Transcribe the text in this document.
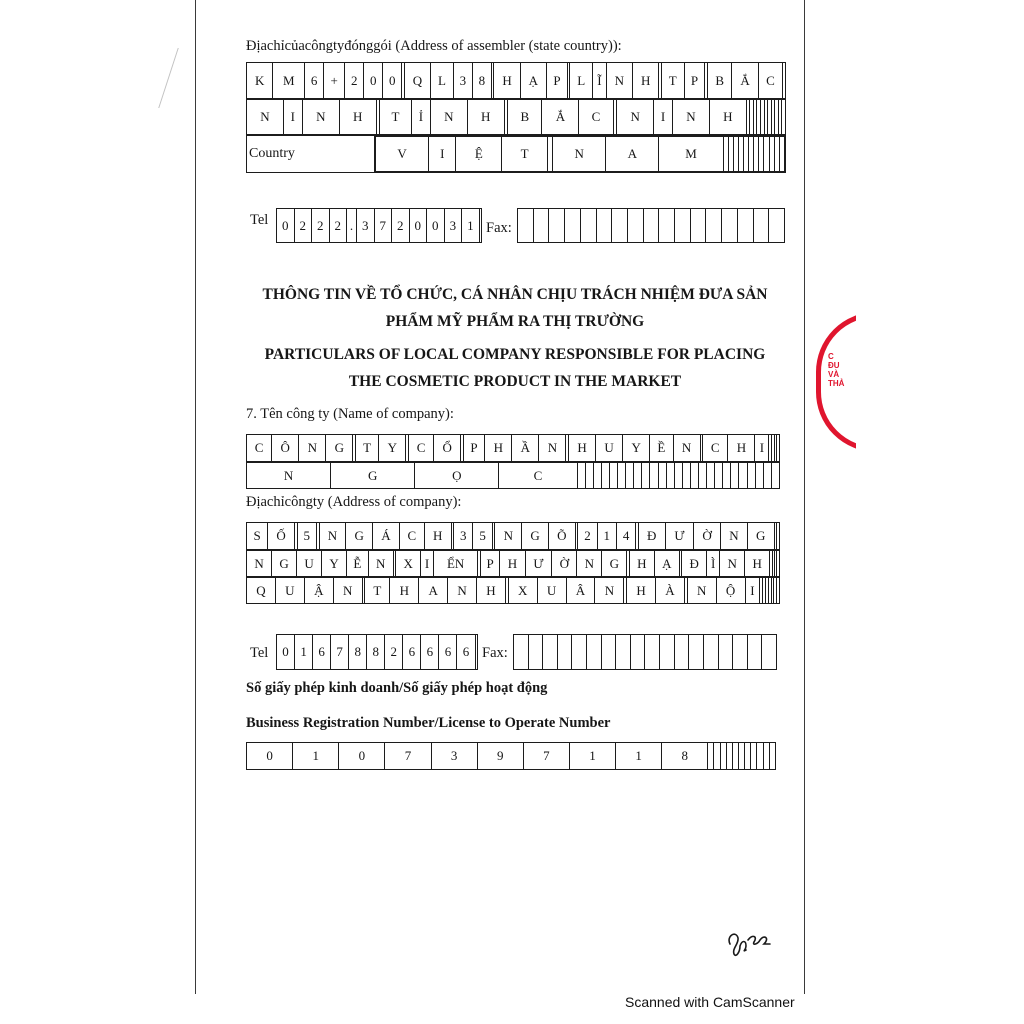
Địachỉcủacôngtyđónggói (Address of assembler (state country)):
K	M	6	+	2	0	0		Q	L	3	8		H	Ạ	P		L	Ĩ	N	H		T	P		B	Ắ	C	
N	I	N	H		T	Ỉ	N	H		B	Ắ	C		N	I	N	H											
Country		V	I	Ệ	T		N	A	M												
Tel 0	2	2	2	.	3	7	2	0	0	3	1	Fax:

THÔNG TIN VỀ TỔ CHỨC, CÁ NHÂN CHỊU TRÁCH NHIỆM ĐƯA SẢN
PHẨM MỸ PHẨM RA THỊ TRƯỜNG
PARTICULARS OF LOCAL COMPANY RESPONSIBLE FOR PLACING
THE COSMETIC PRODUCT IN THE MARKET
7. Tên công ty (Name of company):
C	Ô	N	G		T	Y		C	Ổ		P	H	Ầ	N		H	U	Y	Ề	N		C	H	I				
N	G	Ọ	C																									
Địachỉcôngty (Address of company):
S	Ố		5		N	G	Á	C	H		3	5		N	G	Õ		2	1	4		Đ	Ư	Ờ	N	G		
N	G	U	Y	Ễ	N		X	I	ỂN		P	H	Ư	Ờ	N	G		H	Ạ		Đ	Ì	N	H				
Q	U	Ậ	N		T	H	A	N	H		X	U	Â	N		H	À		N	Ộ	I							
Tel 0	1	6	7	8	8	2	6	6	6	6	Fax:

Số giấy phép kinh doanh/Số giấy phép hoạt động
Business Registration Number/License to Operate Number
0	1	0	7	3	9	7	1	1	8											
C
ĐU
VÀ
THẢ
Scanned with CamScanner
